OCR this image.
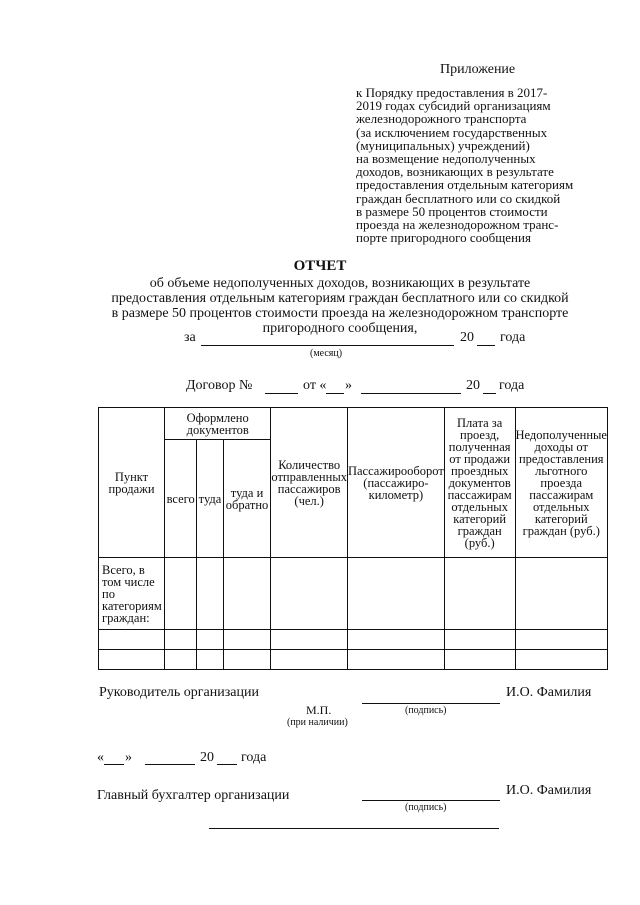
Приложение
к Порядку предоставления в 2017-
2019 годах субсидий организациям
железнодорожного транспорта
(за исключением государственных
(муниципальных) учреждений)
на возмещение недополученных
доходов, возникающих в результате
предоставления отдельным категориям
граждан бесплатного или со скидкой
в размере 50 процентов стоимости
проезда на железнодорожном транс-
порте пригородного сообщения
ОТЧЕТ
об объеме недополученных доходов, возникающих в результате
предоставления отдельным категориям граждан бесплатного или со скидкой
в размере 50 процентов стоимости проезда на железнодорожном транспорте
пригородного сообщения,
за	20 года
(месяц)
Договор №	от « »	20 года
Пункт продажи	Оформлено документов			Количество отправленных пассажиров (чел.)	Пассажирооборот (пассажиро-километр)	Плата за проезд, полученная от продажи проездных документов пассажирам отдельных категорий граждан (руб.)	Недополученные доходы от предоставления льготного проезда пассажирам отдельных категорий граждан (руб.)
	всего	туда	туда и обратно				
Всего, в том числе по категориям граждан:							

Руководитель организации	И.О. Фамилия
М.П.	(подпись)
(при наличии)
« »	20 года
Главный бухгалтер организации	И.О. Фамилия
(подпись)
